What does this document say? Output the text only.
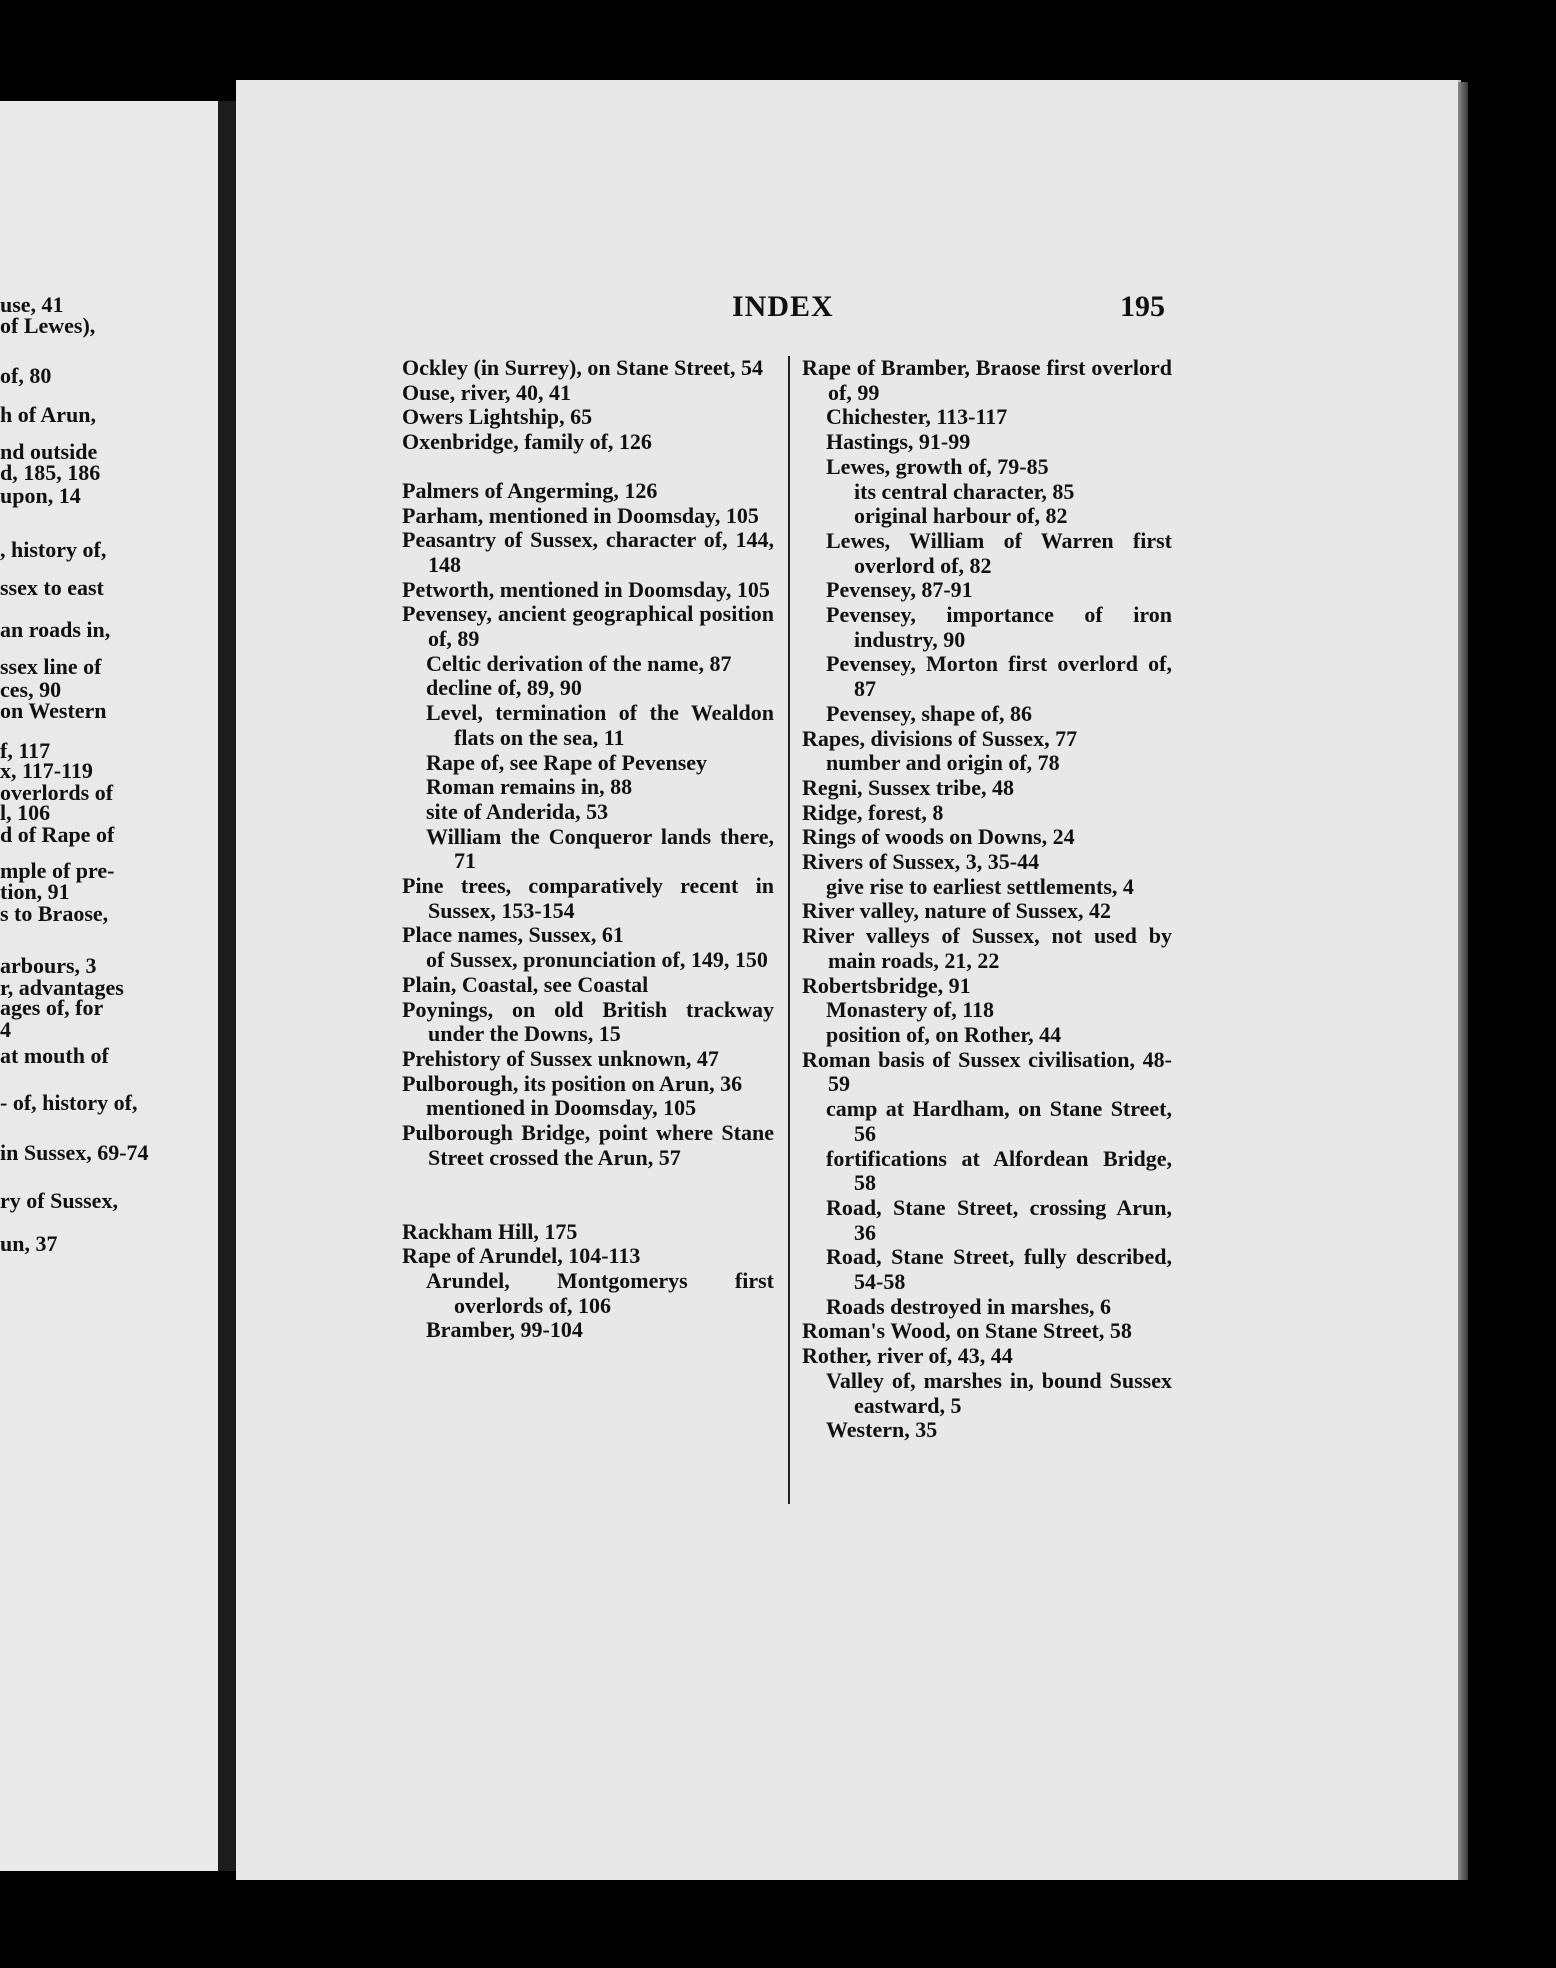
use, 41
of Lewes),
of, 80
h of Arun,
nd outside
d, 185, 186
upon, 14
, history of,
ssex to east
an roads in,
ssex line of
ces, 90
on Western
f, 117
x, 117-119
overlords of
l, 106
d of Rape of
mple of pre-
tion, 91
s to Braose,
arbours, 3
r, advantages
ages of, for
4
at mouth of
- of, history of,
in Sussex, 69-74
ry of Sussex,
un, 37
INDEX	195

Ockley (in Surrey), on Stane Street, 54

Ouse, river, 40, 41

Owers Lightship, 65

Oxenbridge, family of, 126

Palmers of Angerming, 126

Parham, mentioned in Doomsday, 105

Peasantry of Sussex, character of, 144, 148

Petworth, mentioned in Doomsday, 105

Pevensey, ancient geographical position of, 89

Celtic derivation of the name, 87

decline of, 89, 90

Level, termination of the Wealdon flats on the sea, 11

Rape of, see Rape of Pevensey

Roman remains in, 88

site of Anderida, 53

William the Conqueror lands there, 71

Pine trees, comparatively recent in Sussex, 153-154

Place names, Sussex, 61

of Sussex, pronunciation of, 149, 150

Plain, Coastal, see Coastal

Poynings, on old British trackway under the Downs, 15

Prehistory of Sussex unknown, 47

Pulborough, its position on Arun, 36

mentioned in Doomsday, 105

Pulborough Bridge, point where Stane Street crossed the Arun, 57

Rackham Hill, 175

Rape of Arundel, 104-113

Arundel, Montgomerys first overlords of, 106

Bramber, 99-104

Rape of Bramber, Braose first overlord of, 99

Chichester, 113-117

Hastings, 91-99

Lewes, growth of, 79-85

its central character, 85

original harbour of, 82

Lewes, William of Warren first overlord of, 82

Pevensey, 87-91

Pevensey, importance of iron industry, 90

Pevensey, Morton first overlord of, 87

Pevensey, shape of, 86

Rapes, divisions of Sussex, 77

number and origin of, 78

Regni, Sussex tribe, 48

Ridge, forest, 8

Rings of woods on Downs, 24

Rivers of Sussex, 3, 35-44

give rise to earliest settlements, 4

River valley, nature of Sussex, 42

River valleys of Sussex, not used by main roads, 21, 22

Robertsbridge, 91

Monastery of, 118

position of, on Rother, 44

Roman basis of Sussex civilisation, 48-59

camp at Hardham, on Stane Street, 56

fortifications at Alfordean Bridge, 58

Road, Stane Street, crossing Arun, 36

Road, Stane Street, fully described, 54-58

Roads destroyed in marshes, 6

Roman's Wood, on Stane Street, 58

Rother, river of, 43, 44

Valley of, marshes in, bound Sussex eastward, 5

Western, 35
